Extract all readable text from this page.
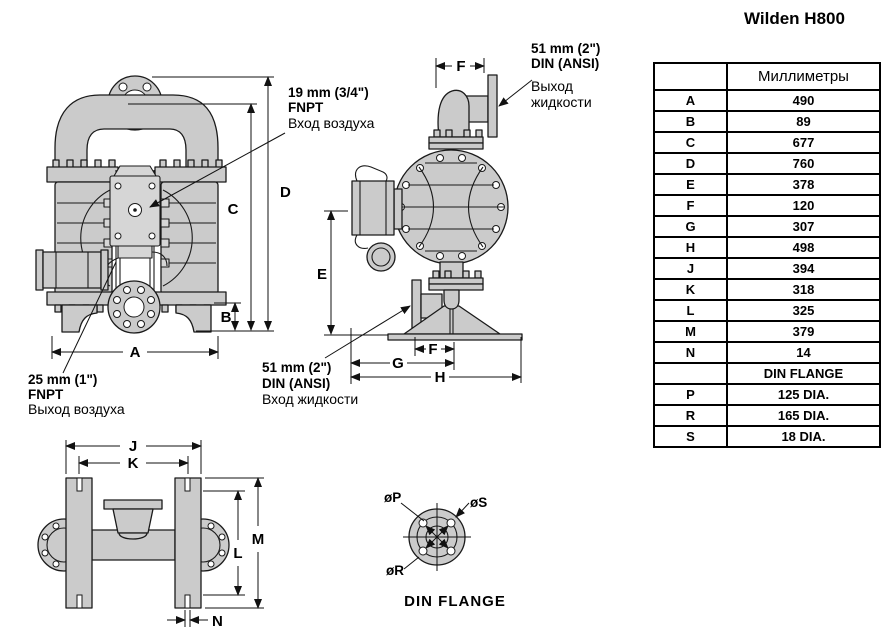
D
C
B
A
19 mm (3/4")
FNPT
Вход воздуха
25 mm (1")
FNPT
Выход воздуха
F
E
F
G
H
51 mm (2")
DIN (ANSI)
Выход
жидкости
51 mm (2")
DIN (ANSI)
Вход жидкости
J
K
M
L
N
øP	øS
øR
DIN FLANGE
Wilden H800
	Миллиметры
A	490
B	89
C	677
D	760
E	378
F	120
G	307
H	498
J	394
K	318
L	325
M	379
N	14
	DIN FLANGE
P	125 DIA.
R	165 DIA.
S	18 DIA.
